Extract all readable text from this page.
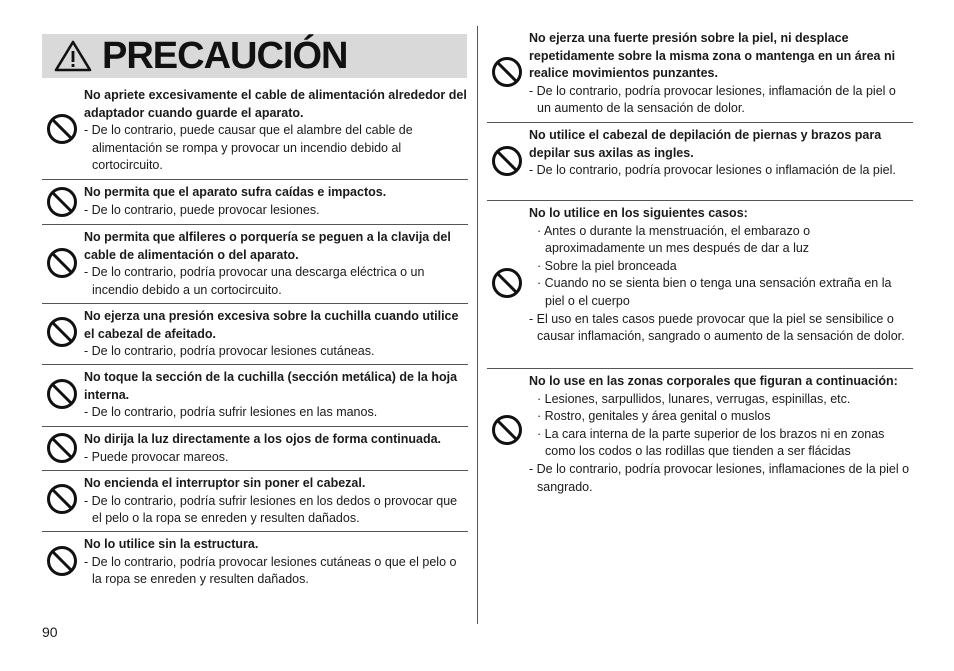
PRECAUCIÓN
No apriete excesivamente el cable de alimentación alrededor del adaptador cuando guarde el aparato.
- De lo contrario, puede causar que el alambre del cable de alimentación se rompa y provocar un incendio debido al cortocircuito.
No permita que el aparato sufra caídas e impactos.
- De lo contrario, puede provocar lesiones.
No permita que alfileres o porquería se peguen a la clavija del cable de alimentación o del aparato.
- De lo contrario, podría provocar una descarga eléctrica o un incendio debido a un cortocircuito.
No ejerza una presión excesiva sobre la cuchilla cuando utilice el cabezal de afeitado.
- De lo contrario, podría provocar lesiones cutáneas.
No toque la sección de la cuchilla (sección metálica) de la hoja interna.
- De lo contrario, podría sufrir lesiones en las manos.
No dirija la luz directamente a los ojos de forma continuada.
- Puede provocar mareos.
No encienda el interruptor sin poner el cabezal.
- De lo contrario, podría sufrir lesiones en los dedos o provocar que el pelo o la ropa se enreden y resulten dañados.
No lo utilice sin la estructura.
- De lo contrario, podría provocar lesiones cutáneas o que el pelo o la ropa se enreden y resulten dañados.
No ejerza una fuerte presión sobre la piel, ni desplace repetidamente sobre la misma zona o mantenga en un área ni realice movimientos punzantes.
- De lo contrario, podría provocar lesiones, inflamación de la piel o un aumento de la sensación de dolor.
No utilice el cabezal de depilación de piernas y brazos para depilar sus axilas as ingles.
- De lo contrario, podría provocar lesiones o inflamación de la piel.
No lo utilice en los siguientes casos:
· Antes o durante la menstruación, el embarazo o aproximadamente un mes después de dar a luz
· Sobre la piel bronceada
· Cuando no se sienta bien o tenga una sensación extraña en la piel o el cuerpo
- El uso en tales casos puede provocar que la piel se sensibilice o causar inflamación, sangrado o aumento de la sensación de dolor.
No lo use en las zonas corporales que figuran a continuación:
· Lesiones, sarpullidos, lunares, verrugas, espinillas, etc.
· Rostro, genitales y área genital o muslos
· La cara interna de la parte superior de los brazos ni en zonas como los codos o las rodillas que tienden a ser flácidas
- De lo contrario, podría provocar lesiones, inflamaciones de la piel o sangrado.
90
